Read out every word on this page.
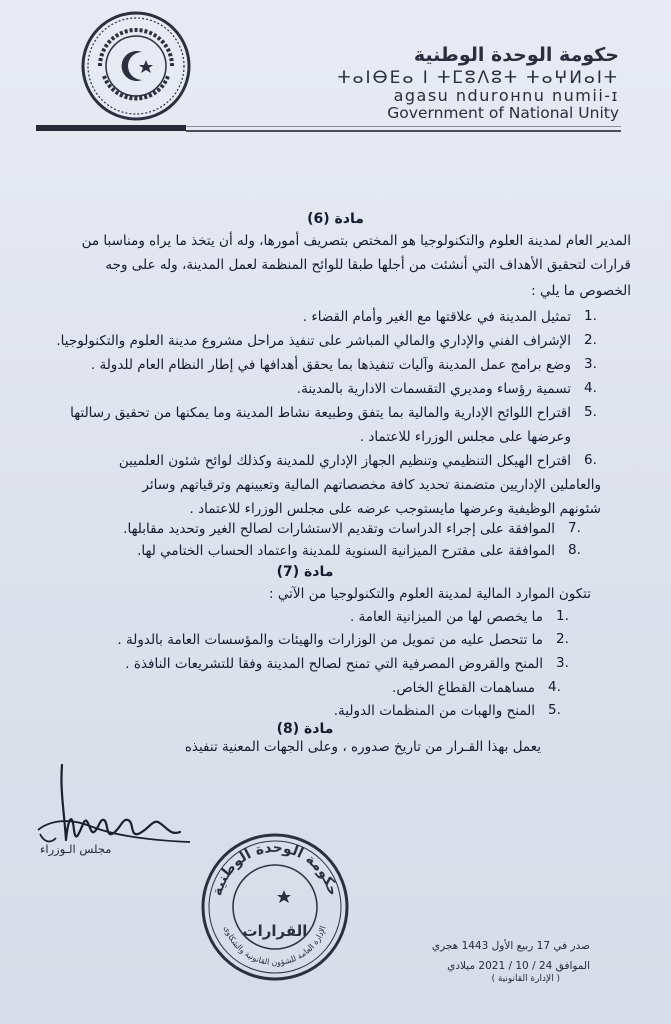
حكومة الوحدة الوطنية
ⵜⴰⵏⴱⴹⴰ ⵏ ⵜⵎⵓⴷⵓⵜ ⵜⴰⵖⵍⴰⵏⵜ
agasu ndurонnu numii-ɪ
Government of National Unity
مادة (6)
المدير العام لمدينة العلوم والتكنولوجيا هو المختص بتصريف أمورها، وله أن يتخذ ما يراه ومناسبا من
قرارات لتحقيق الأهداف التي أنشئت من أجلها طبقا للوائح المنظمة لعمل المدينة، وله على وجه
الخصوص ما يلي :
1.
تمثيل المدينة في علاقتها مع الغير وأمام القضاء .
2.
الإشراف الفني والإداري والمالي المباشر على تنفيذ مراحل مشروع مدينة العلوم والتكنولوجيا.
3.
وضع برامج عمل المدينة وآليات تنفيذها بما يحقق أهدافها في إطار النظام العام للدولة .
4.
تسمية رؤساء ومديري التقسمات الادارية بالمدينة.
5.
اقتراح اللوائح الإدارية والمالية بما يتفق وطبيعة نشاط المدينة وما يمكنها من تحقيق رسالتها
وعرضها على مجلس الوزراء للاعتماد .
6.
اقتراح الهيكل التنظيمي وتنظيم الجهاز الإداري للمدينة وكذلك لوائح شئون العلميين
والعاملين الإداريين متضمنة تحديد كافة مخصصاتهم المالية وتعيينهم وترقياتهم وسائر
شئونهم الوظيفية وعرضها مايستوجب عرضه على مجلس الوزراء للاعتماد .
7.
الموافقة على إجراء الدراسات وتقديم الاستشارات لصالح الغير وتحديد مقابلها.
8.
الموافقة على مقترح الميزانية السنوية للمدينة واعتماد الحساب الختامي لها.
مادة (7)
تتكون الموارد المالية لمدينة العلوم والتكنولوجيا من الآتي :
1.
ما يخصص لها من الميزانية العامة .
2.
ما تتحصل عليه من تمويل من الوزارات والهيئات والمؤسسات العامة بالدولة .
3.
المنح والقروض المصرفية التي تمنح لصالح المدينة وفقا للتشريعات النافذة .
4.
مساهمات القطاع الخاص.
5.
المنح والهبات من المنظمات الدولية.
مادة (8)
يعمل بهذا القـرار من تاريخ صدوره ، وعلى الجهات المعنية تنفيذه
مجلس الـوزراء
حكومة الوحدة الوطنية
الإدارة العامة للشؤون القانونية والشكاوى
القرارات
صدر في 17 ربيع الأول 1443 هجري
الموافق 24 / 10 / 2021 ميلادي
( الإدارة القانونية )
